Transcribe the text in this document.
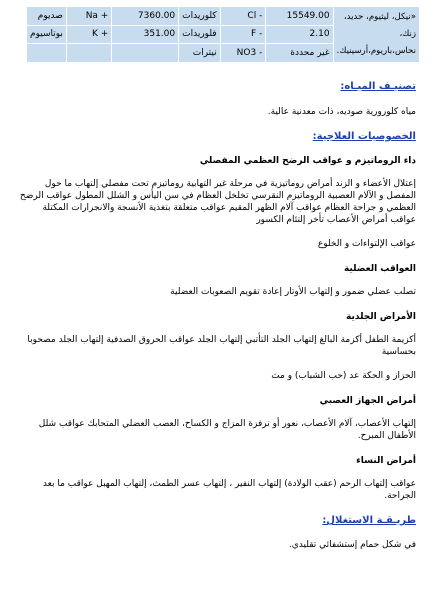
«نيكل، ليثيوم، حديد، زنك، نحاس،باريوم،أرسينيك.	15549.00	Cl -	كلوريدات	7360.00	Na +	صديوم
	2.10	F -	فلوريدات	351.00	K +	بوتاسيوم
	غير محددة	NO3 -	نيترات			

تصنيـف الميـاه:

مياه كلورورية صوديه، ذات معدنية عالية.

الخصوصيات العلاجية:

داء الروماتيزم و عواقب الرضح العظمي المفصلي

إعتلال الأعضاء و الزند أمراض روماتيزية في مرحلة غير التهابية روماتيزم تحت مفصلي إلتهاب ما حول المفصل و الآلام العصبية الروماتيزم النقرسي تخلخل العظام في سن اليأس و الشلل المطول عواقب الرضح العظمي و جراحة العظام عواقب آلام الظهر المقيم عواقب متعلقة بتغذية الأنسجة والانجرارات المكتلة عواقب أمراض الأعصاب تأخر إلتئام الكسور

عواقب الإلتواءات و الخلوع

العواقب العضلية

تصلب عضلي ضمور و إلتهاب الأوتار إعادة تقويم الصعوبات العضلية

الأمراض الجلدية

أكزيمة الطفل أكزمة البالغ إلتهاب الجلد التأتبي إلتهاب الجلد عواقب الحروق الصدفية إلتهاب الجلد مصحوبا بحساسية

الحزاز و الحكة عد (حب الشباب) و مث

أمراض الجهاز العصبي

إلتهاب الأعصاب، آلام الأعصاب، نعور أو نرفزة المزاج و الكساح، العصب العضلي المتحابك عواقب شلل الأطفال المبرح.

أمراض النساء

عواقب إلتهاب الرحم (عقب الولادة) إلتهاب النفير ، إلتهاب عسر الطمث، إلتهاب المهبل عواقب ما بعد الجراحة.

طريـقـة الاستغلال:

في شكل حمام إستشفائي تقليدي.
